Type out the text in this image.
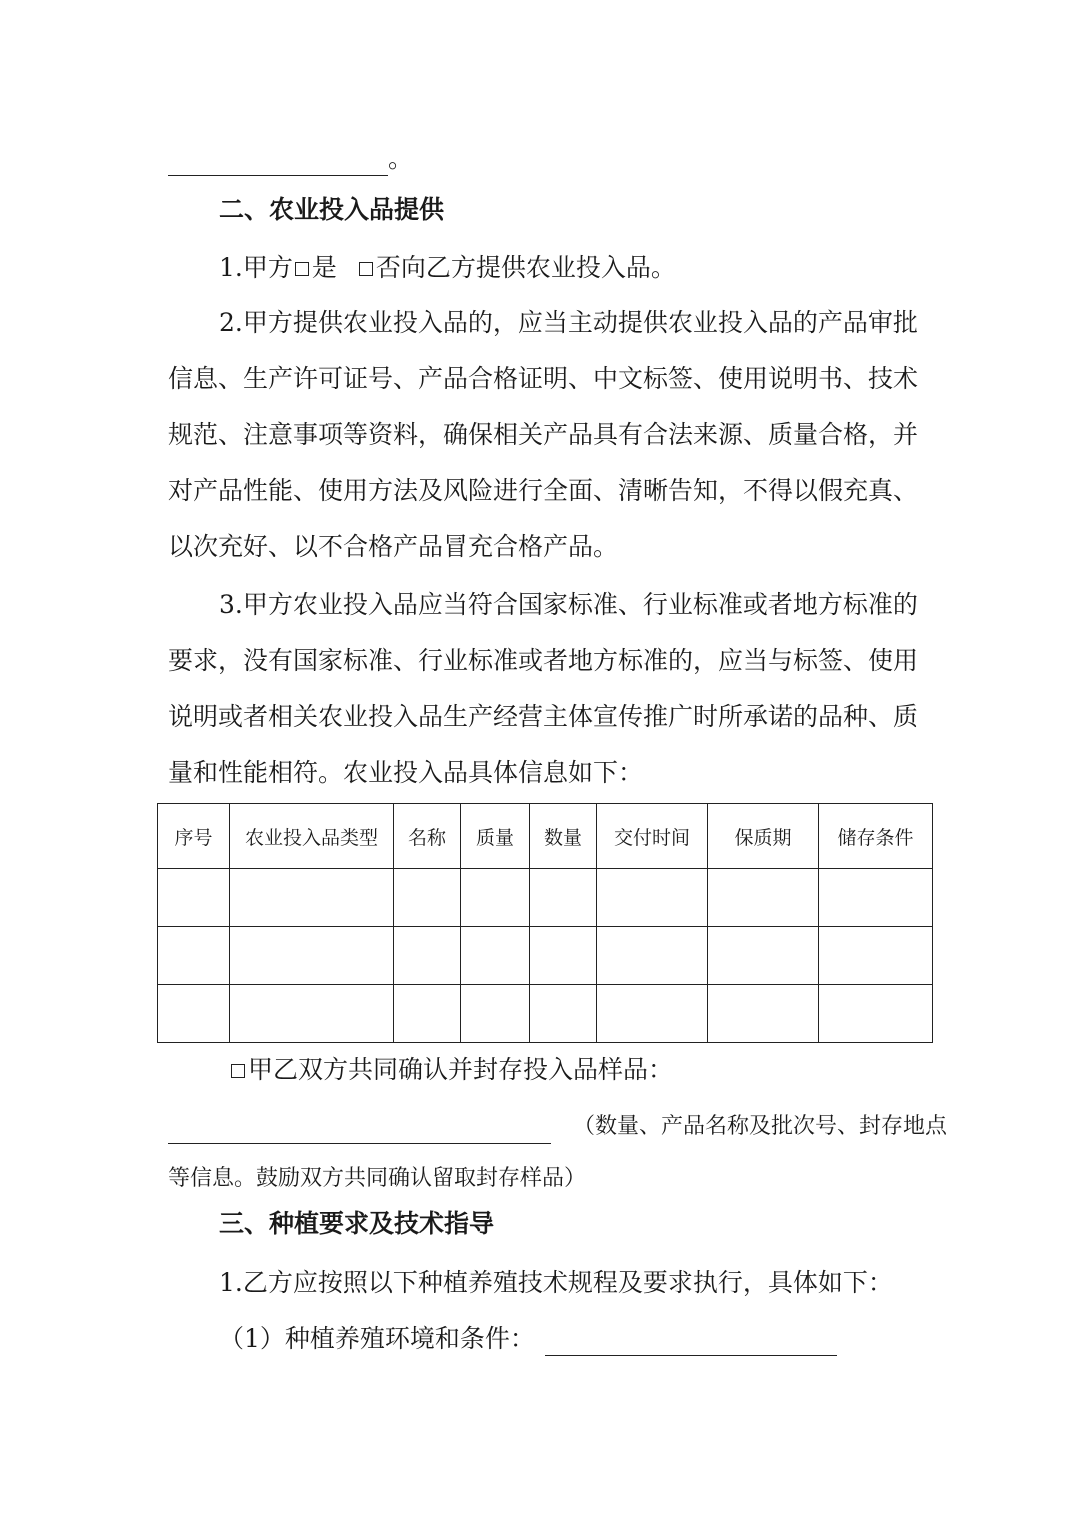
。
二、农业投入品提供
1.甲方 是 否向乙方提供农业投入品。
2.甲方提供农业投入品的，应当主动提供农业投入品的产品审批
信息、生产许可证号、产品合格证明、中文标签、使用说明书、技术
规范、注意事项等资料，确保相关产品具有合法来源、质量合格，并
对产品性能、使用方法及风险进行全面、清晰告知，不得以假充真、
以次充好、以不合格产品冒充合格产品。
3.甲方农业投入品应当符合国家标准、行业标准或者地方标准的
要求，没有国家标准、行业标准或者地方标准的，应当与标签、使用
说明或者相关农业投入品生产经营主体宣传推广时所承诺的品种、质
量和性能相符。农业投入品具体信息如下：
序号	农业投入品类型	名称	质量	数量	交付时间	保质期	储存条件

甲乙双方共同确认并封存投入品样品：
（数量、产品名称及批次号、封存地点
等信息。鼓励双方共同确认留取封存样品）
三、种植要求及技术指导
1.乙方应按照以下种植养殖技术规程及要求执行，具体如下：
（1）种植养殖环境和条件：
